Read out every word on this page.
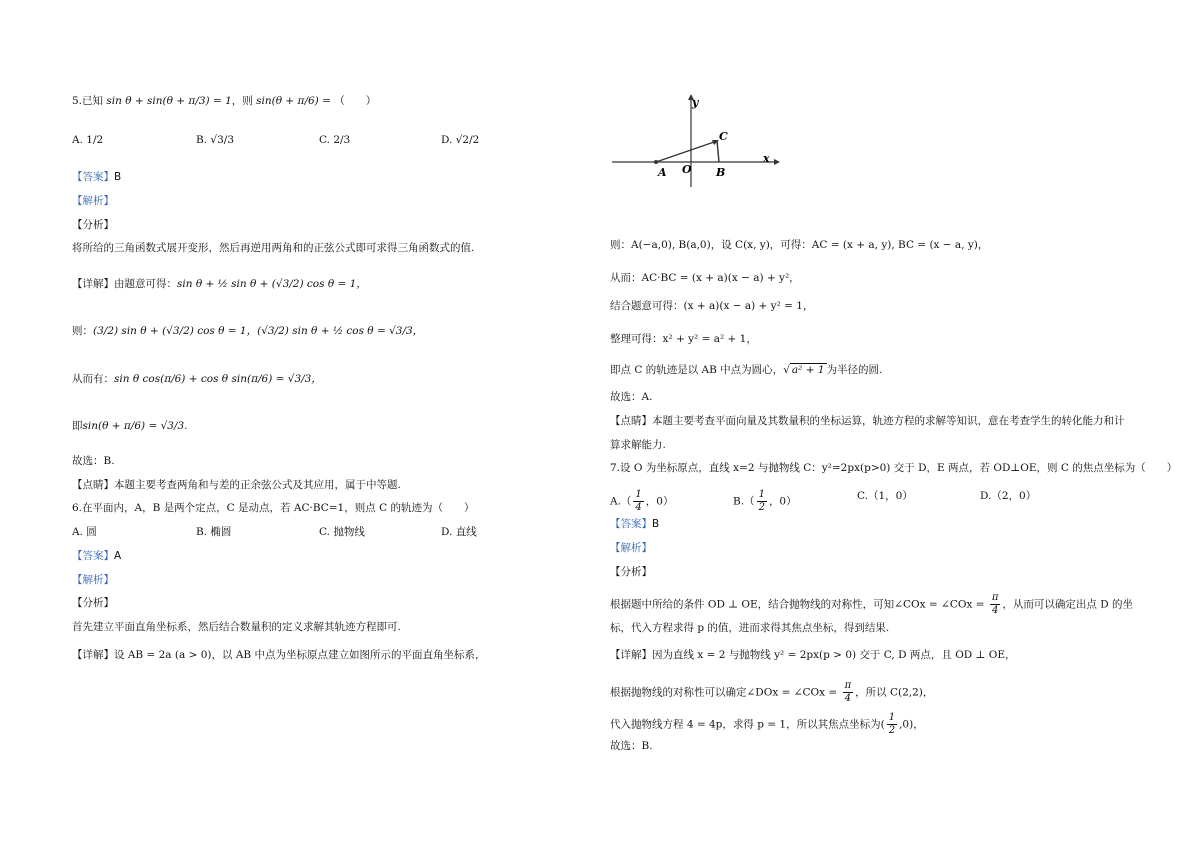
5.已知 sin θ + sin(θ + π/3) = 1，则 sin(θ + π/6) = （　　）
A. 1/2	B. √3/3	C. 2/3	D. √2/2
【答案】B
【解析】
【分析】
将所给的三角函数式展开变形，然后再逆用两角和的正弦公式即可求得三角函数式的值.
【详解】由题意可得：sin θ + ½ sin θ + (√3/2) cos θ = 1，
则：(3/2) sin θ + (√3/2) cos θ = 1，(√3/2) sin θ + ½ cos θ = √3/3，
从而有：sin θ cos(π/6) + cos θ sin(π/6) = √3/3，
即sin(θ + π/6) = √3/3.
故选：B.
【点睛】本题主要考查两角和与差的正余弦公式及其应用，属于中等题.
6.在平面内，A，B 是两个定点，C 是动点，若 AC·BC=1，则点 C 的轨迹为（　　）
A. 圆	B. 椭圆	C. 抛物线	D. 直线
【答案】A
【解析】
【分析】
首先建立平面直角坐标系，然后结合数量积的定义求解其轨迹方程即可.
【详解】设 AB = 2a (a > 0)，以 AB 中点为坐标原点建立如图所示的平面直角坐标系，
y
x
A O B
C
则：A(−a,0), B(a,0)，设 C(x, y)，可得：AC = (x + a, y), BC = (x − a, y)，
从而：AC·BC = (x + a)(x − a) + y²，
结合题意可得：(x + a)(x − a) + y² = 1，
整理可得：x² + y² = a² + 1，
即点 C 的轨迹是以 AB 中点为圆心，√ a² + 1 为半径的圆.
故选：A.
【点睛】本题主要考查平面向量及其数量积的坐标运算，轨迹方程的求解等知识，意在考查学生的转化能力和计
算求解能力.
7.设 O 为坐标原点，直线 x=2 与抛物线 C：y²=2px(p>0) 交于 D，E 两点，若 OD⊥OE，则 C 的焦点坐标为（　　）
$A.( \frac{1}{4}$ ，0）	$B.( \frac{1}{2}$ ，0）	C.（1，0）	D.（2，0）
【答案】B
【解析】
【分析】
根据题中所给的条件 OD ⊥ OE，结合抛物线的对称性，可知∠COx = ∠COx = $\frac{\pi}{4}$ ，从而可以确定出点 D 的坐
标，代入方程求得 p 的值，进而求得其焦点坐标，得到结果.
【详解】因为直线 x = 2 与抛物线 y² = 2px(p > 0) 交于 C, D 两点，且 OD ⊥ OE，
根据抛物线的对称性可以确定∠DOx = ∠COx = $\frac{\pi}{4}$ ，所以 C(2,2)，
代入抛物线方程 4 = 4p，求得 p = 1，所以其焦点坐标为( $\frac{1}{2} ,0$)，
故选：B.
